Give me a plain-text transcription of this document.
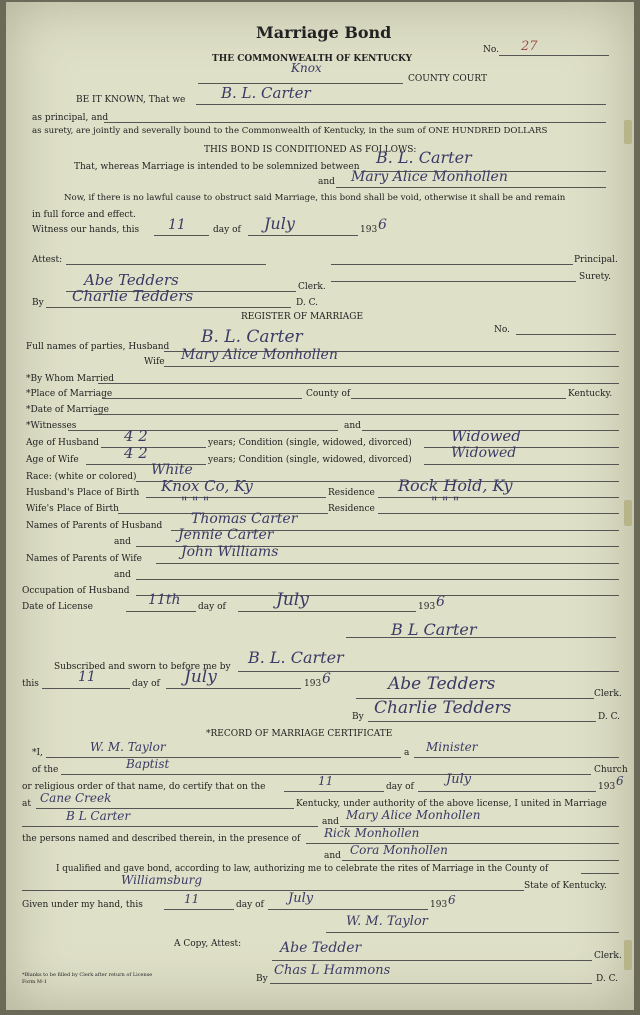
Marriage Bond
THE COMMONWEALTH OF KENTUCKY
No. 27
Knox
COUNTY COURT
BE IT KNOWN, That we B. L. Carter
as principal, and
as surety, are jointly and severally bound to the Commonwealth of Kentucky, in the sum of ONE HUNDRED DOLLARS
THIS BOND IS CONDITIONED AS FOLLOWS:
That, whereas Marriage is intended to be solemnized between B. L. Carter
and Mary Alice Monhollen
Now, if there is no lawful cause to obstruct said Marriage, this bond shall be void, otherwise it shall be and remain
in full force and effect.
Witness our hands, this 11	day of July	193 6
Attest:	Principal.
Surety.
Abe Tedders	Clerk.
By Charlie Tedders	D. C.
REGISTER OF MARRIAGE
No.
Full names of parties, Husband B. L. Carter
Wife Mary Alice Monhollen
*By Whom Married
*Place of Marriage	County of	Kentucky.
*Date of Marriage
*Witnesses	and
Age of Husband 4 2	years; Condition (single, widowed, divorced)	Widowed
Age of Wife	4 2	years; Condition (single, widowed, divorced)	Widowed
Race: (white or colored) White
Husband's Place of Birth Knox Co, Ky	Residence Rock Hold, Ky
Wife's Place of Birth	" " "	Residence	" " "
Names of Parents of Husband Thomas Carter
and	Jennie Carter
Names of Parents of Wife	John Williams
and
Occupation of Husband
Date of License	11th day of	July	193 6
B L Carter
Subscribed and sworn to before me by B. L. Carter
this	11	day of July	193 6	Abe Tedders	Clerk.
By Charlie Tedders	D. C.
*RECORD OF MARRIAGE CERTIFICATE
*I,	W. M. Taylor	a Minister
of the	Baptist	Church
or religious order of that name, do certify that on the	11	day of July	193 6
at Cane Creek	Kentucky, under authority of the above license, I united in Marriage
B L Carter	and Mary Alice Monhollen
the persons named and described therein, in the presence of Rick Monhollen
and Cora Monhollen
I qualified and gave bond, according to law, authorizing me to celebrate the rites of Marriage in the County of
Williamsburg	State of Kentucky.
Given under my hand, this	11	day of July	193 6
W. M. Taylor
A Copy, Attest:	Abe Tedder	Clerk.
By
Chas L Hammons
D. C.
*Blanks to be filled by Clerk after return of License
Form M-1
